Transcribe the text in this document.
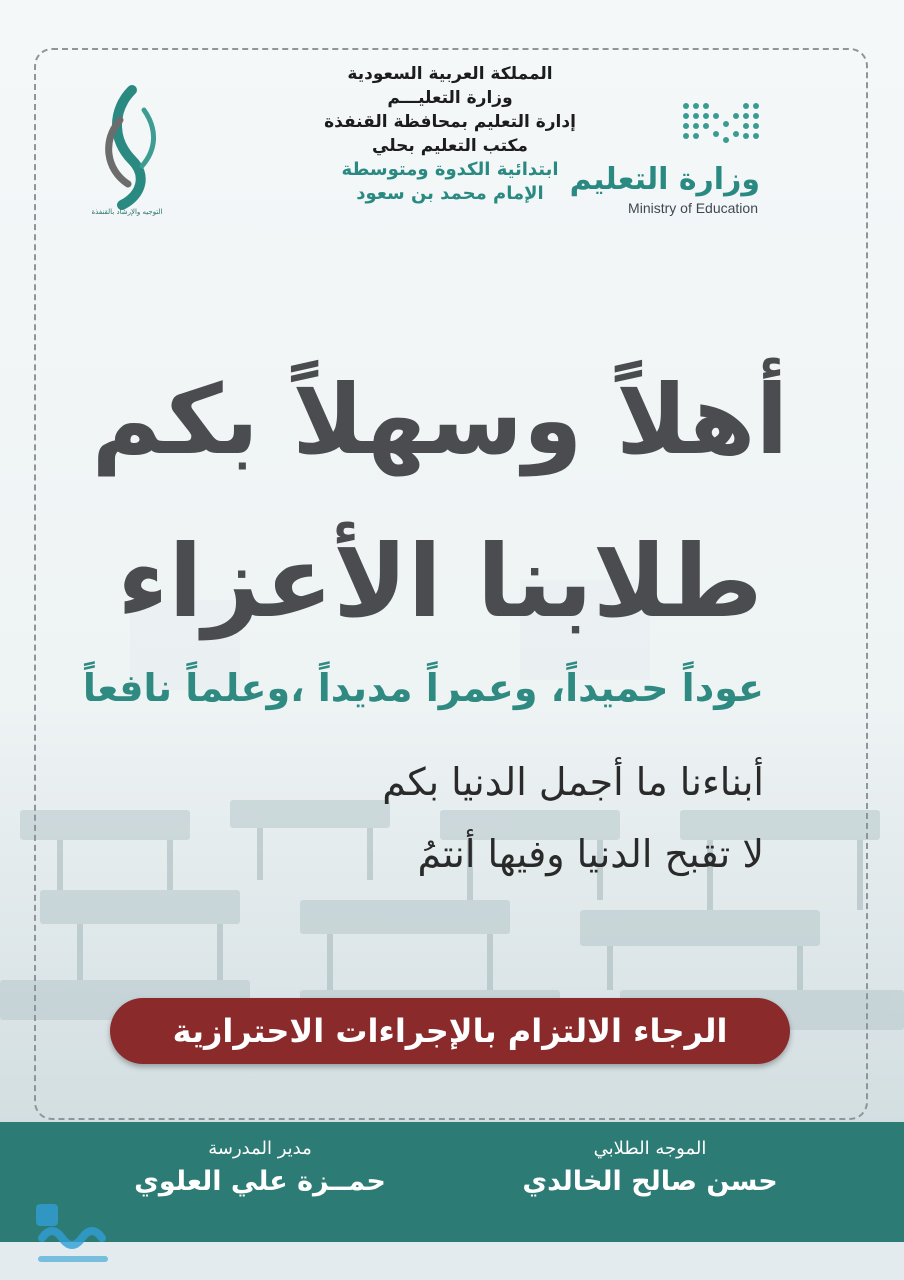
وزارة التعليم
Ministry of Education
التوجيه والإرشاد بالقنفذة
المملكة العربية السعودية
وزارة التعليـــم
إدارة التعليم بمحافظة القنفذة
مكتب التعليم بحلي
ابتدائية الكدوة ومتوسطة
الإمام محمد بن سعود
أهلاً وسهلاً بكم
طلابنا الأعزاء
عوداً حميداً، وعمراً مديداً ،وعلماً نافعاً
أبناءنا ما أجمل الدنيا بكم
لا تقبح الدنيا وفيها أنتمُ
الرجاء الالتزام بالإجراءات الاحترازية
الموجه الطلابي
حسن صالح الخالدي
مدير المدرسة
حمــزة علي العلوي
